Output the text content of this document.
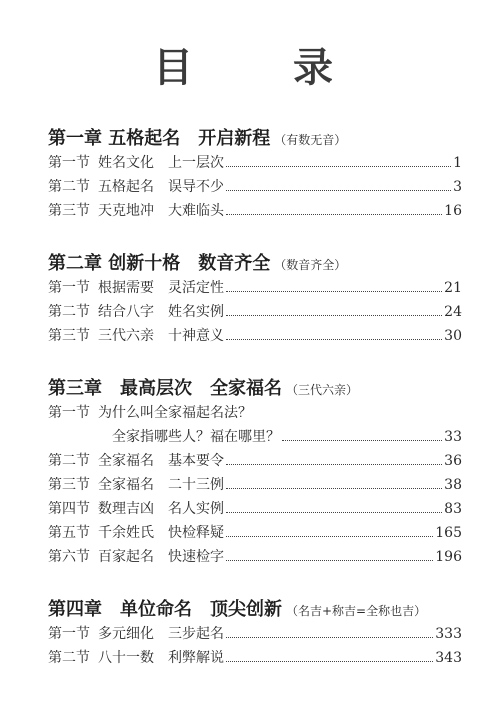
目　录
第一章 五格起名　开启新程 （有数无音）
第一节 姓名文化　上一层次	1
第二节 五格起名　误导不少	3
第三节 天克地冲　大难临头	16
第二章 创新十格　数音齐全 （数音齐全）
第一节 根据需要　灵活定性	21
第二节 结合八字　姓名实例	24
第三节 三代六亲　十神意义	30
第三章　最高层次　全家福名 （三代六亲）
第一节 为什么叫全家福起名法？
全家指哪些人？福在哪里？	33
第二节 全家福名　基本要令	36
第三节 全家福名　二十三例	38
第四节 数理吉凶　名人实例	83
第五节 千余姓氏　快检释疑	165
第六节 百家起名　快速检字	196
第四章　单位命名　顶尖创新 （名吉+称吉=全称也吉）
第一节 多元细化　三步起名	333
第二节 八十一数　利弊解说	343
